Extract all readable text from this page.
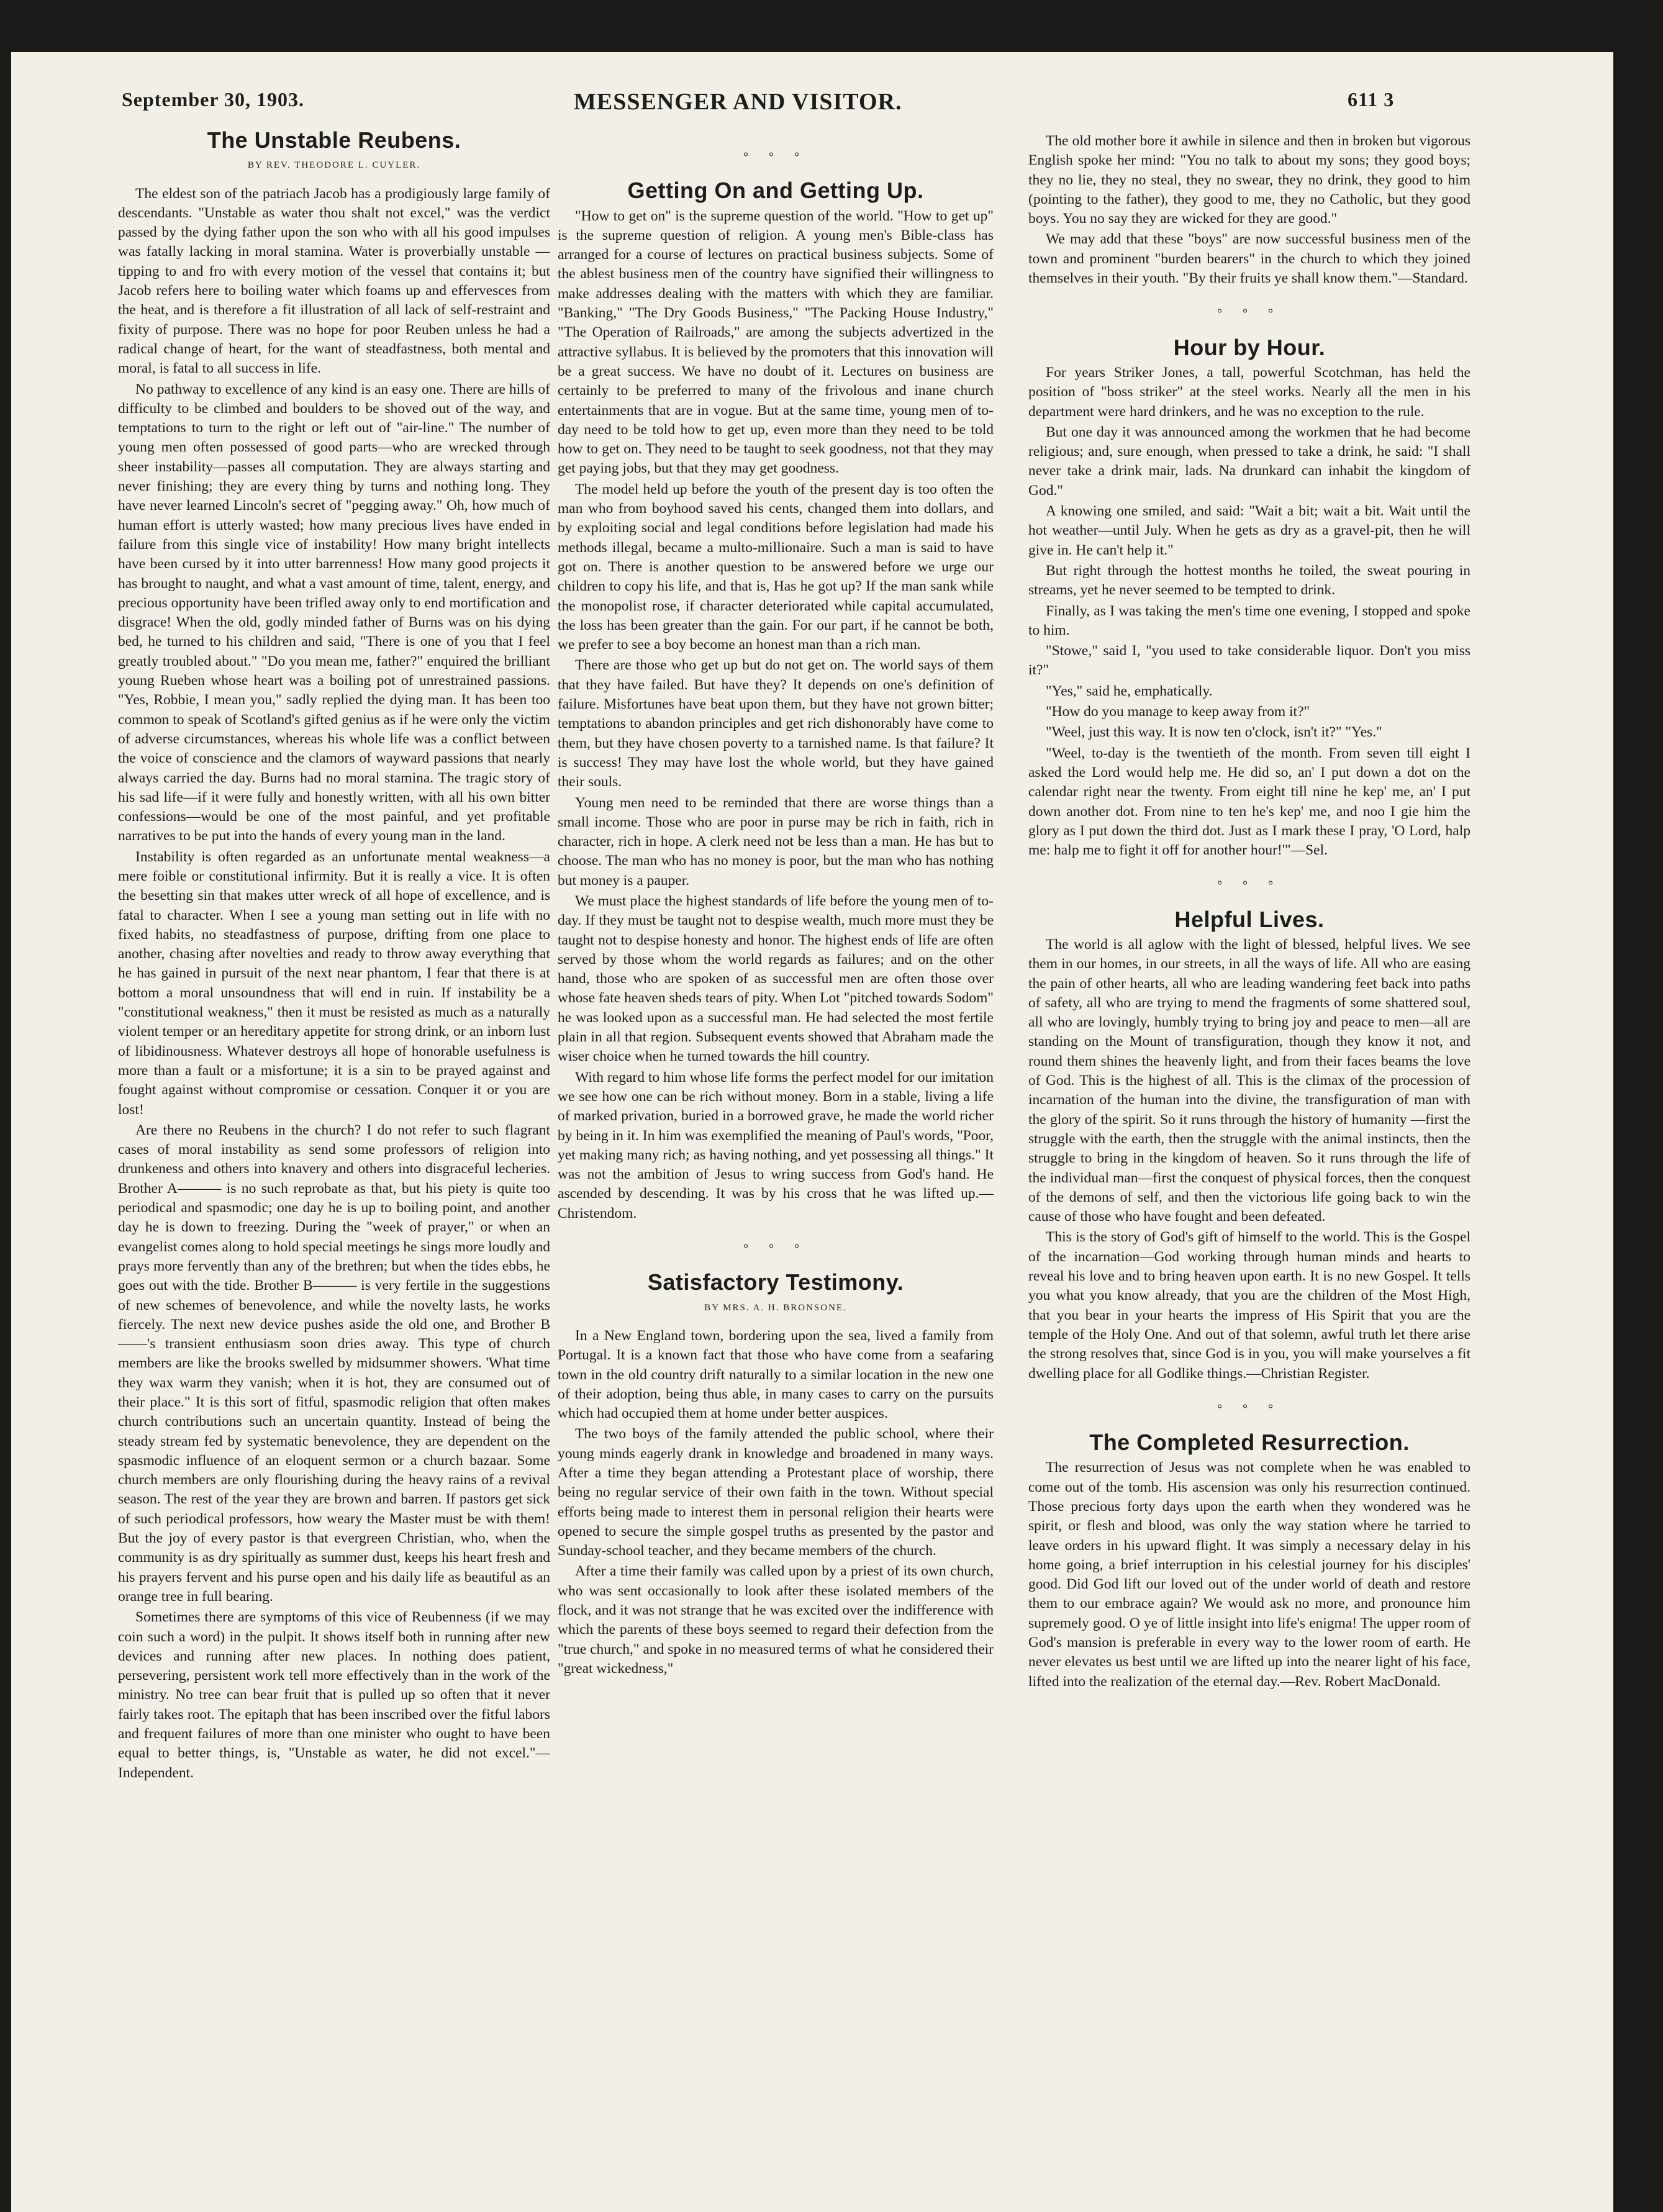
September 30, 1903.	MESSENGER AND VISITOR.	611 3
The Unstable Reubens.
BY REV. THEODORE L. CUYLER.

The eldest son of the patriach Jacob has a prodigiously large family of descendants. "Unstable as water thou shalt not excel," was the verdict passed by the dying father upon the son who with all his good impulses was fatally lacking in moral stamina. Water is proverbially unstable —tipping to and fro with every motion of the vessel that contains it; but Jacob refers here to boiling water which foams up and effervesces from the heat, and is therefore a fit illustration of all lack of self-restraint and fixity of purpose. There was no hope for poor Reuben unless he had a radical change of heart, for the want of steadfastness, both mental and moral, is fatal to all success in life.

No pathway to excellence of any kind is an easy one. There are hills of difficulty to be climbed and boulders to be shoved out of the way, and temptations to turn to the right or left out of "air-line." The number of young men often possessed of good parts—who are wrecked through sheer instability—passes all computation. They are always starting and never finishing; they are every thing by turns and nothing long. They have never learned Lincoln's secret of "pegging away." Oh, how much of human effort is utterly wasted; how many precious lives have ended in failure from this single vice of instability! How many bright intellects have been cursed by it into utter barrenness! How many good projects it has brought to naught, and what a vast amount of time, talent, energy, and precious opportunity have been trifled away only to end mortification and disgrace! When the old, godly minded father of Burns was on his dying bed, he turned to his children and said, "There is one of you that I feel greatly troubled about." "Do you mean me, father?" enquired the brilliant young Rueben whose heart was a boiling pot of unrestrained passions. "Yes, Robbie, I mean you," sadly replied the dying man. It has been too common to speak of Scotland's gifted genius as if he were only the victim of adverse circumstances, whereas his whole life was a conflict between the voice of conscience and the clamors of wayward passions that nearly always carried the day. Burns had no moral stamina. The tragic story of his sad life—if it were fully and honestly written, with all his own bitter confessions—would be one of the most painful, and yet profitable narratives to be put into the hands of every young man in the land.

Instability is often regarded as an unfortunate mental weakness—a mere foible or constitutional infirmity. But it is really a vice. It is often the besetting sin that makes utter wreck of all hope of excellence, and is fatal to character. When I see a young man setting out in life with no fixed habits, no steadfastness of purpose, drifting from one place to another, chasing after novelties and ready to throw away everything that he has gained in pursuit of the next near phantom, I fear that there is at bottom a moral unsoundness that will end in ruin. If instability be a "constitutional weakness," then it must be resisted as much as a naturally violent temper or an hereditary appetite for strong drink, or an inborn lust of libidinousness. Whatever destroys all hope of honorable usefulness is more than a fault or a misfortune; it is a sin to be prayed against and fought against without compromise or cessation. Conquer it or you are lost!

Are there no Reubens in the church? I do not refer to such flagrant cases of moral instability as send some professors of religion into drunkeness and others into knavery and others into disgraceful lecheries. Brother A——— is no such reprobate as that, but his piety is quite too periodical and spasmodic; one day he is up to boiling point, and another day he is down to freezing. During the "week of prayer," or when an evangelist comes along to hold special meetings he sings more loudly and prays more fervently than any of the brethren; but when the tides ebbs, he goes out with the tide. Brother B——— is very fertile in the suggestions of new schemes of benevolence, and while the novelty lasts, he works fiercely. The next new device pushes aside the old one, and Brother B——'s transient enthusiasm soon dries away. This type of church members are like the brooks swelled by midsummer showers. 'What time they wax warm they vanish; when it is hot, they are consumed out of their place." It is this sort of fitful, spasmodic religion that often makes church contributions such an uncertain quantity. Instead of being the steady stream fed by systematic benevolence, they are dependent on the spasmodic influence of an eloquent sermon or a church bazaar. Some church members are only flourishing during the heavy rains of a revival season. The rest of the year they are brown and barren. If pastors get sick of such periodical professors, how weary the Master must be with them! But the joy of every pastor is that evergreen Christian, who, when the community is as dry spiritually as summer dust, keeps his heart fresh and his prayers fervent and his purse open and his daily life as beautiful as an orange tree in full bearing.

Sometimes there are symptoms of this vice of Reubenness (if we may coin such a word) in the pulpit. It shows itself both in running after new devices and running after new places. In nothing does patient, persevering, persistent work tell more effectively than in the work of the ministry. No tree can bear fruit that is pulled up so often that it never fairly takes root. The epitaph that has been inscribed over the fitful labors and frequent failures of more than one minister who ought to have been equal to better things, is, "Unstable as water, he did not excel."—Independent.

° ° °
Getting On and Getting Up.

"How to get on" is the supreme question of the world. "How to get up" is the supreme question of religion. A young men's Bible-class has arranged for a course of lectures on practical business subjects. Some of the ablest business men of the country have signified their willingness to make addresses dealing with the matters with which they are familiar. "Banking," "The Dry Goods Business," "The Packing House Industry," "The Operation of Railroads," are among the subjects advertized in the attractive syllabus. It is believed by the promoters that this innovation will be a great success. We have no doubt of it. Lectures on business are certainly to be preferred to many of the frivolous and inane church entertainments that are in vogue. But at the same time, young men of to-day need to be told how to get up, even more than they need to be told how to get on. They need to be taught to seek goodness, not that they may get paying jobs, but that they may get goodness.

The model held up before the youth of the present day is too often the man who from boyhood saved his cents, changed them into dollars, and by exploiting social and legal conditions before legislation had made his methods illegal, became a multo-millionaire. Such a man is said to have got on. There is another question to be answered before we urge our children to copy his life, and that is, Has he got up? If the man sank while the monopolist rose, if character deteriorated while capital accumulated, the loss has been greater than the gain. For our part, if he cannot be both, we prefer to see a boy become an honest man than a rich man.

There are those who get up but do not get on. The world says of them that they have failed. But have they? It depends on one's definition of failure. Misfortunes have beat upon them, but they have not grown bitter; temptations to abandon principles and get rich dishonorably have come to them, but they have chosen poverty to a tarnished name. Is that failure? It is success! They may have lost the whole world, but they have gained their souls.

Young men need to be reminded that there are worse things than a small income. Those who are poor in purse may be rich in faith, rich in character, rich in hope. A clerk need not be less than a man. He has but to choose. The man who has no money is poor, but the man who has nothing but money is a pauper.

We must place the highest standards of life before the young men of to-day. If they must be taught not to despise wealth, much more must they be taught not to despise honesty and honor. The highest ends of life are often served by those whom the world regards as failures; and on the other hand, those who are spoken of as successful men are often those over whose fate heaven sheds tears of pity. When Lot "pitched towards Sodom" he was looked upon as a successful man. He had selected the most fertile plain in all that region. Subsequent events showed that Abraham made the wiser choice when he turned towards the hill country.

With regard to him whose life forms the perfect model for our imitation we see how one can be rich without money. Born in a stable, living a life of marked privation, buried in a borrowed grave, he made the world richer by being in it. In him was exemplified the meaning of Paul's words, "Poor, yet making many rich; as having nothing, and yet possessing all things." It was not the ambition of Jesus to wring success from God's hand. He ascended by descending. It was by his cross that he was lifted up.—Christendom.

° ° °
Satisfactory Testimony.
BY MRS. A. H. BRONSONE.

In a New England town, bordering upon the sea, lived a family from Portugal. It is a known fact that those who have come from a seafaring town in the old country drift naturally to a similar location in the new one of their adoption, being thus able, in many cases to carry on the pursuits which had occupied them at home under better auspices.

The two boys of the family attended the public school, where their young minds eagerly drank in knowledge and broadened in many ways. After a time they began attending a Protestant place of worship, there being no regular service of their own faith in the town. Without special efforts being made to interest them in personal religion their hearts were opened to secure the simple gospel truths as presented by the pastor and Sunday-school teacher, and they became members of the church.

After a time their family was called upon by a priest of its own church, who was sent occasionally to look after these isolated members of the flock, and it was not strange that he was excited over the indifference with which the parents of these boys seemed to regard their defection from the "true church," and spoke in no measured terms of what he considered their "great wickedness,"

The old mother bore it awhile in silence and then in broken but vigorous English spoke her mind: "You no talk to about my sons; they good boys; they no lie, they no steal, they no swear, they no drink, they good to him (pointing to the father), they good to me, they no Catholic, but they good boys. You no say they are wicked for they are good."

We may add that these "boys" are now successful business men of the town and prominent "burden bearers" in the church to which they joined themselves in their youth. "By their fruits ye shall know them."—Standard.

° ° °
Hour by Hour.

For years Striker Jones, a tall, powerful Scotchman, has held the position of "boss striker" at the steel works. Nearly all the men in his department were hard drinkers, and he was no exception to the rule.

But one day it was announced among the workmen that he had become religious; and, sure enough, when pressed to take a drink, he said: "I shall never take a drink mair, lads. Na drunkard can inhabit the kingdom of God."

A knowing one smiled, and said: "Wait a bit; wait a bit. Wait until the hot weather—until July. When he gets as dry as a gravel-pit, then he will give in. He can't help it."

But right through the hottest months he toiled, the sweat pouring in streams, yet he never seemed to be tempted to drink.

Finally, as I was taking the men's time one evening, I stopped and spoke to him.

"Stowe," said I, "you used to take considerable liquor. Don't you miss it?"

"Yes," said he, emphatically.

"How do you manage to keep away from it?"

"Weel, just this way. It is now ten o'clock, isn't it?" "Yes."

"Weel, to-day is the twentieth of the month. From seven till eight I asked the Lord would help me. He did so, an' I put down a dot on the calendar right near the twenty. From eight till nine he kep' me, an' I put down another dot. From nine to ten he's kep' me, and noo I gie him the glory as I put down the third dot. Just as I mark these I pray, 'O Lord, halp me: halp me to fight it off for another hour!'"—Sel.

° ° °
Helpful Lives.

The world is all aglow with the light of blessed, helpful lives. We see them in our homes, in our streets, in all the ways of life. All who are easing the pain of other hearts, all who are leading wandering feet back into paths of safety, all who are trying to mend the fragments of some shattered soul, all who are lovingly, humbly trying to bring joy and peace to men—all are standing on the Mount of transfiguration, though they know it not, and round them shines the heavenly light, and from their faces beams the love of God. This is the highest of all. This is the climax of the procession of incarnation of the human into the divine, the transfiguration of man with the glory of the spirit. So it runs through the history of humanity —first the struggle with the earth, then the struggle with the animal instincts, then the struggle to bring in the kingdom of heaven. So it runs through the life of the individual man—first the conquest of physical forces, then the conquest of the demons of self, and then the victorious life going back to win the cause of those who have fought and been defeated.

This is the story of God's gift of himself to the world. This is the Gospel of the incarnation—God working through human minds and hearts to reveal his love and to bring heaven upon earth. It is no new Gospel. It tells you what you know already, that you are the children of the Most High, that you bear in your hearts the impress of His Spirit that you are the temple of the Holy One. And out of that solemn, awful truth let there arise the strong resolves that, since God is in you, you will make yourselves a fit dwelling place for all Godlike things.—Christian Register.

° ° °
The Completed Resurrection.

The resurrection of Jesus was not complete when he was enabled to come out of the tomb. His ascension was only his resurrection continued. Those precious forty days upon the earth when they wondered was he spirit, or flesh and blood, was only the way station where he tarried to leave orders in his upward flight. It was simply a necessary delay in his home going, a brief interruption in his celestial journey for his disciples' good. Did God lift our loved out of the under world of death and restore them to our embrace again? We would ask no more, and pronounce him supremely good. O ye of little insight into life's enigma! The upper room of God's mansion is preferable in every way to the lower room of earth. He never elevates us best until we are lifted up into the nearer light of his face, lifted into the realization of the eternal day.—Rev. Robert MacDonald.
